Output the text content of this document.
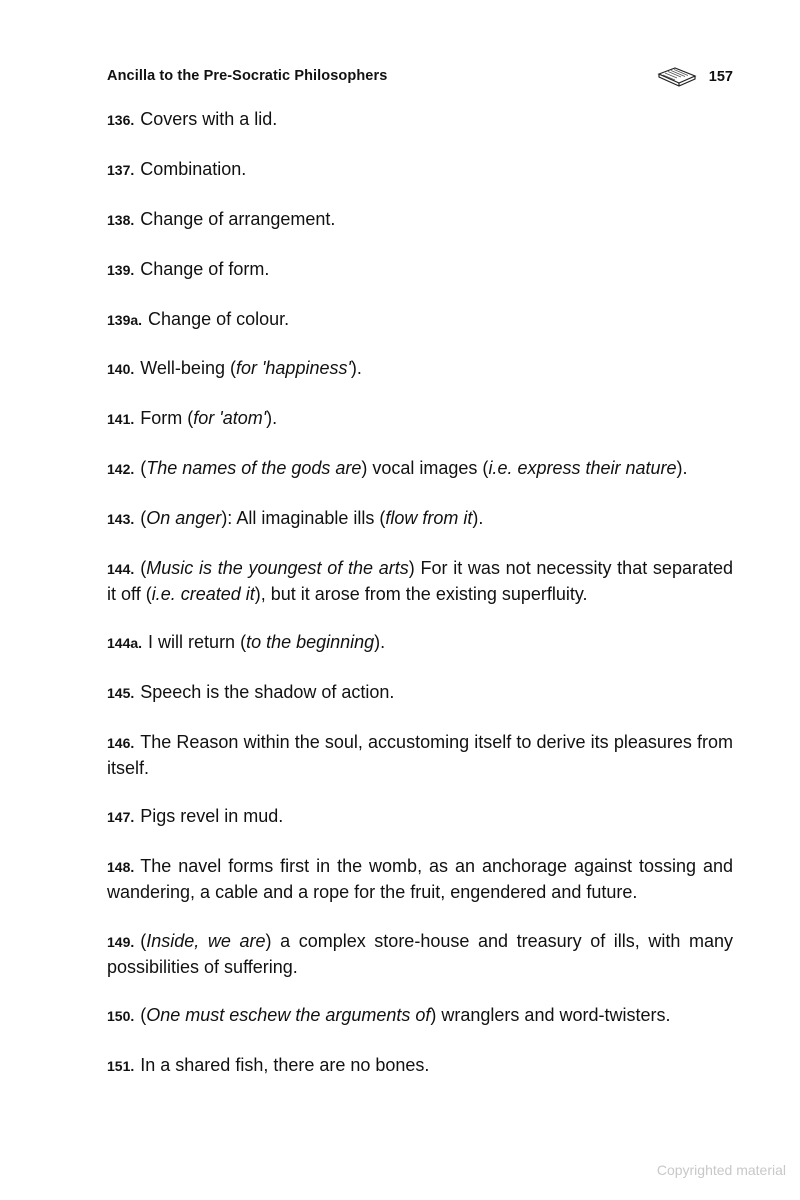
Ancilla to the Pre-Socratic Philosophers	157
136. Covers with a lid.
137. Combination.
138. Change of arrangement.
139. Change of form.
139a. Change of colour.
140. Well-being (for 'happiness').
141. Form (for 'atom').
142. (The names of the gods are) vocal images (i.e. express their nature).
143. (On anger): All imaginable ills (flow from it).
144. (Music is the youngest of the arts) For it was not necessity that separated it off (i.e. created it), but it arose from the existing superfluity.
144a. I will return (to the beginning).
145. Speech is the shadow of action.
146. The Reason within the soul, accustoming itself to derive its pleasures from itself.
147. Pigs revel in mud.
148. The navel forms first in the womb, as an anchorage against tossing and wandering, a cable and a rope for the fruit, engendered and future.
149. (Inside, we are) a complex store-house and treasury of ills, with many possibilities of suffering.
150. (One must eschew the arguments of) wranglers and word-twisters.
151. In a shared fish, there are no bones.
Copyrighted material
